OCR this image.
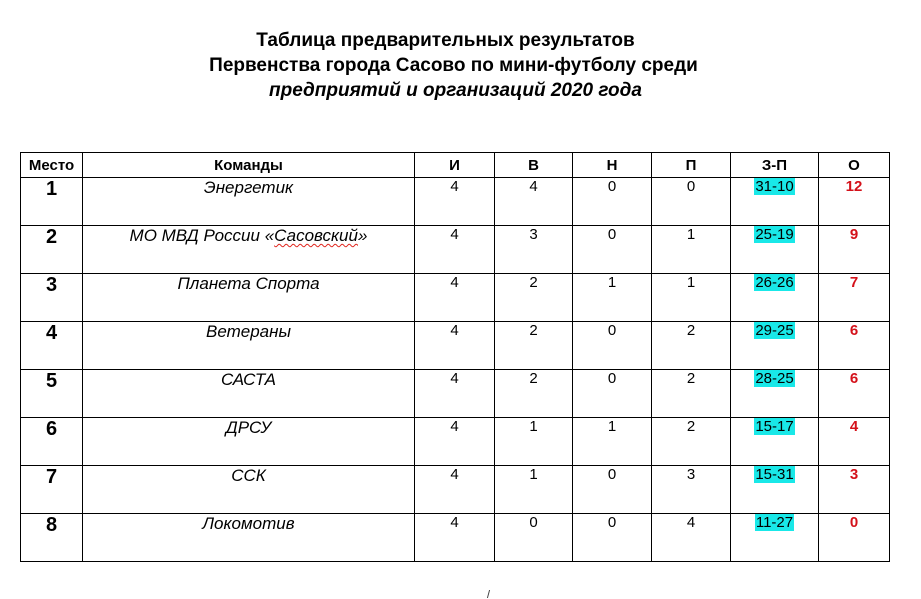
Таблица предварительных результатов
Первенства города Сасово по мини-футболу среди
предприятий и организаций 2020 года
Место	Команды	И	В	Н	П	З-П	О
1	Энергетик	4	4	0	0	31-10	12
2	МО МВД России «Сасовский»	4	3	0	1	25-19	9
3	Планета Спорта	4	2	1	1	26-26	7
4	Ветераны	4	2	0	2	29-25	6
5	САСТА	4	2	0	2	28-25	6
6	ДРСУ	4	1	1	2	15-17	4
7	ССК	4	1	0	3	15-31	3
8	Локомотив	4	0	0	4	11-27	0
